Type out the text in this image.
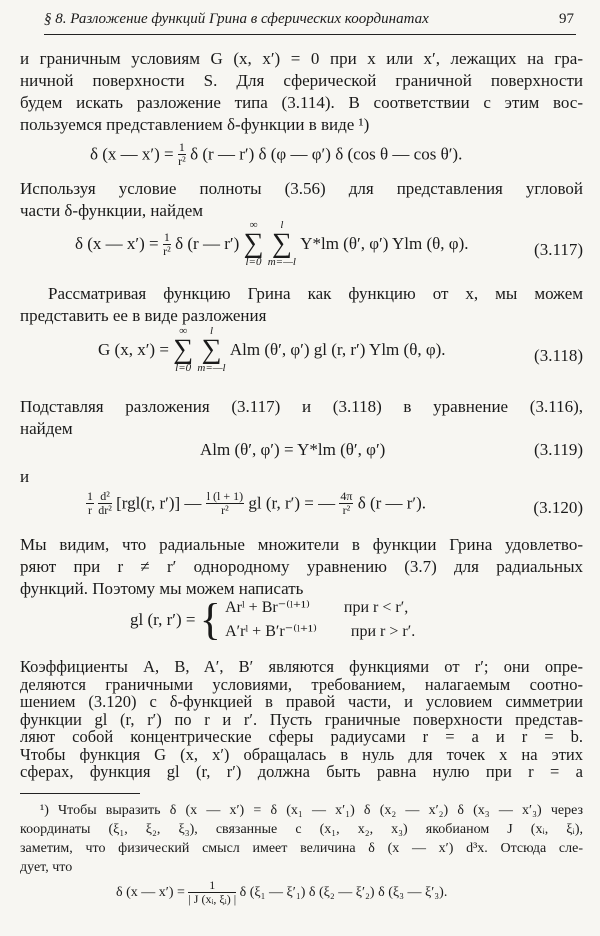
§ 8. Разложение функций Грина в сферических координатах	97
и граничным условиям G (x, x′) = 0 при x или x′, лежащих на гра-
ничной поверхности S. Для сферической граничной поверхности
будем искать разложение типа (3.114). В соответствии с этим вос-
пользуемся представлением δ-функции в виде ¹)
δ (x — $x') = \frac{1}{\text{r²}}$ δ (r — r′) δ (φ — φ′) δ (cos θ — cos θ′).
Используя условие полноты (3.56) для представления угловой
части δ-функции, найдем
δ (x — $x') = \frac{1}{\text{r²}}$ δ (r — r′)
∞
∑
l=0

l
∑
m=—l
Y*lm (θ′, φ′) Ylm (θ, φ).	(3.117)
Рассматривая функцию Грина как функцию от x, мы можем
представить ее в виде разложения
G (x, x′) =
∞
∑
l=0

l
∑
m=—l
Alm (θ′, φ′) gl (r, r′) Ylm (θ, φ).	(3.118)
Подставляя разложения (3.117) и (3.118) в уравнение (3.116),
найдем
Alm (θ′, φ′) = Y*lm (θ′, φ′)	(3.119)
и
$\frac{1}{r}$
$\frac{\text{d²}}{\text{dr²}} [rgl(r$, r′)] — $\frac{l (l + 1)}{\text{r²}}$ gl (r, r′) = — $\frac{4\pi}{\text{r²}}$ δ (r — r′).	(3.120)
Мы видим, что радиальные множители в функции Грина удовлетво-
ряют при r ≠ r′ однородному уравнению (3.7) для радиальных
функций. Поэтому мы можем написать
gl (r, r′) = { Arˡ + Br⁻⁽ˡ⁺¹⁾ при r < r′,
A′rˡ + B′r⁻⁽ˡ⁺¹⁾ при r > r′.
Коэффициенты A, B, A′, B′ являются функциями от r′; они опре-
деляются граничными условиями, требованием, налагаемым соотно-
шением (3.120) с δ-функцией в правой части, и условием симметрии
функции gl (r, r′) по r и r′. Пусть граничные поверхности представ-
ляют собой концентрические сферы радиусами r = a и r = b.
¹) Чтобы выразить δ (x — x′) = δ (x₁ — x′₁) δ (x₂ — x′₂) δ (x₃ — x′₃) через
координаты (ξ₁, ξ₂, ξ₃), связанные с (x₁, x₂, x₃) якобианом J (xᵢ, ξᵢ),
заметим, что физический смысл имеет величина δ (x — x′) d³x. Отсюда сле-
дует, что
δ (x — $x') = \frac{1}{\text{| J (xᵢ, ξᵢ) |}}$ δ (ξ₁ — ξ′₁) δ (ξ₂ — ξ′₂) δ (ξ₃ — ξ′₃).
Чтобы функция G (x, x′) обращалась в нуль для точек x на этих
сферах, функция gl (r, r′) должна быть равна нулю при r = a
